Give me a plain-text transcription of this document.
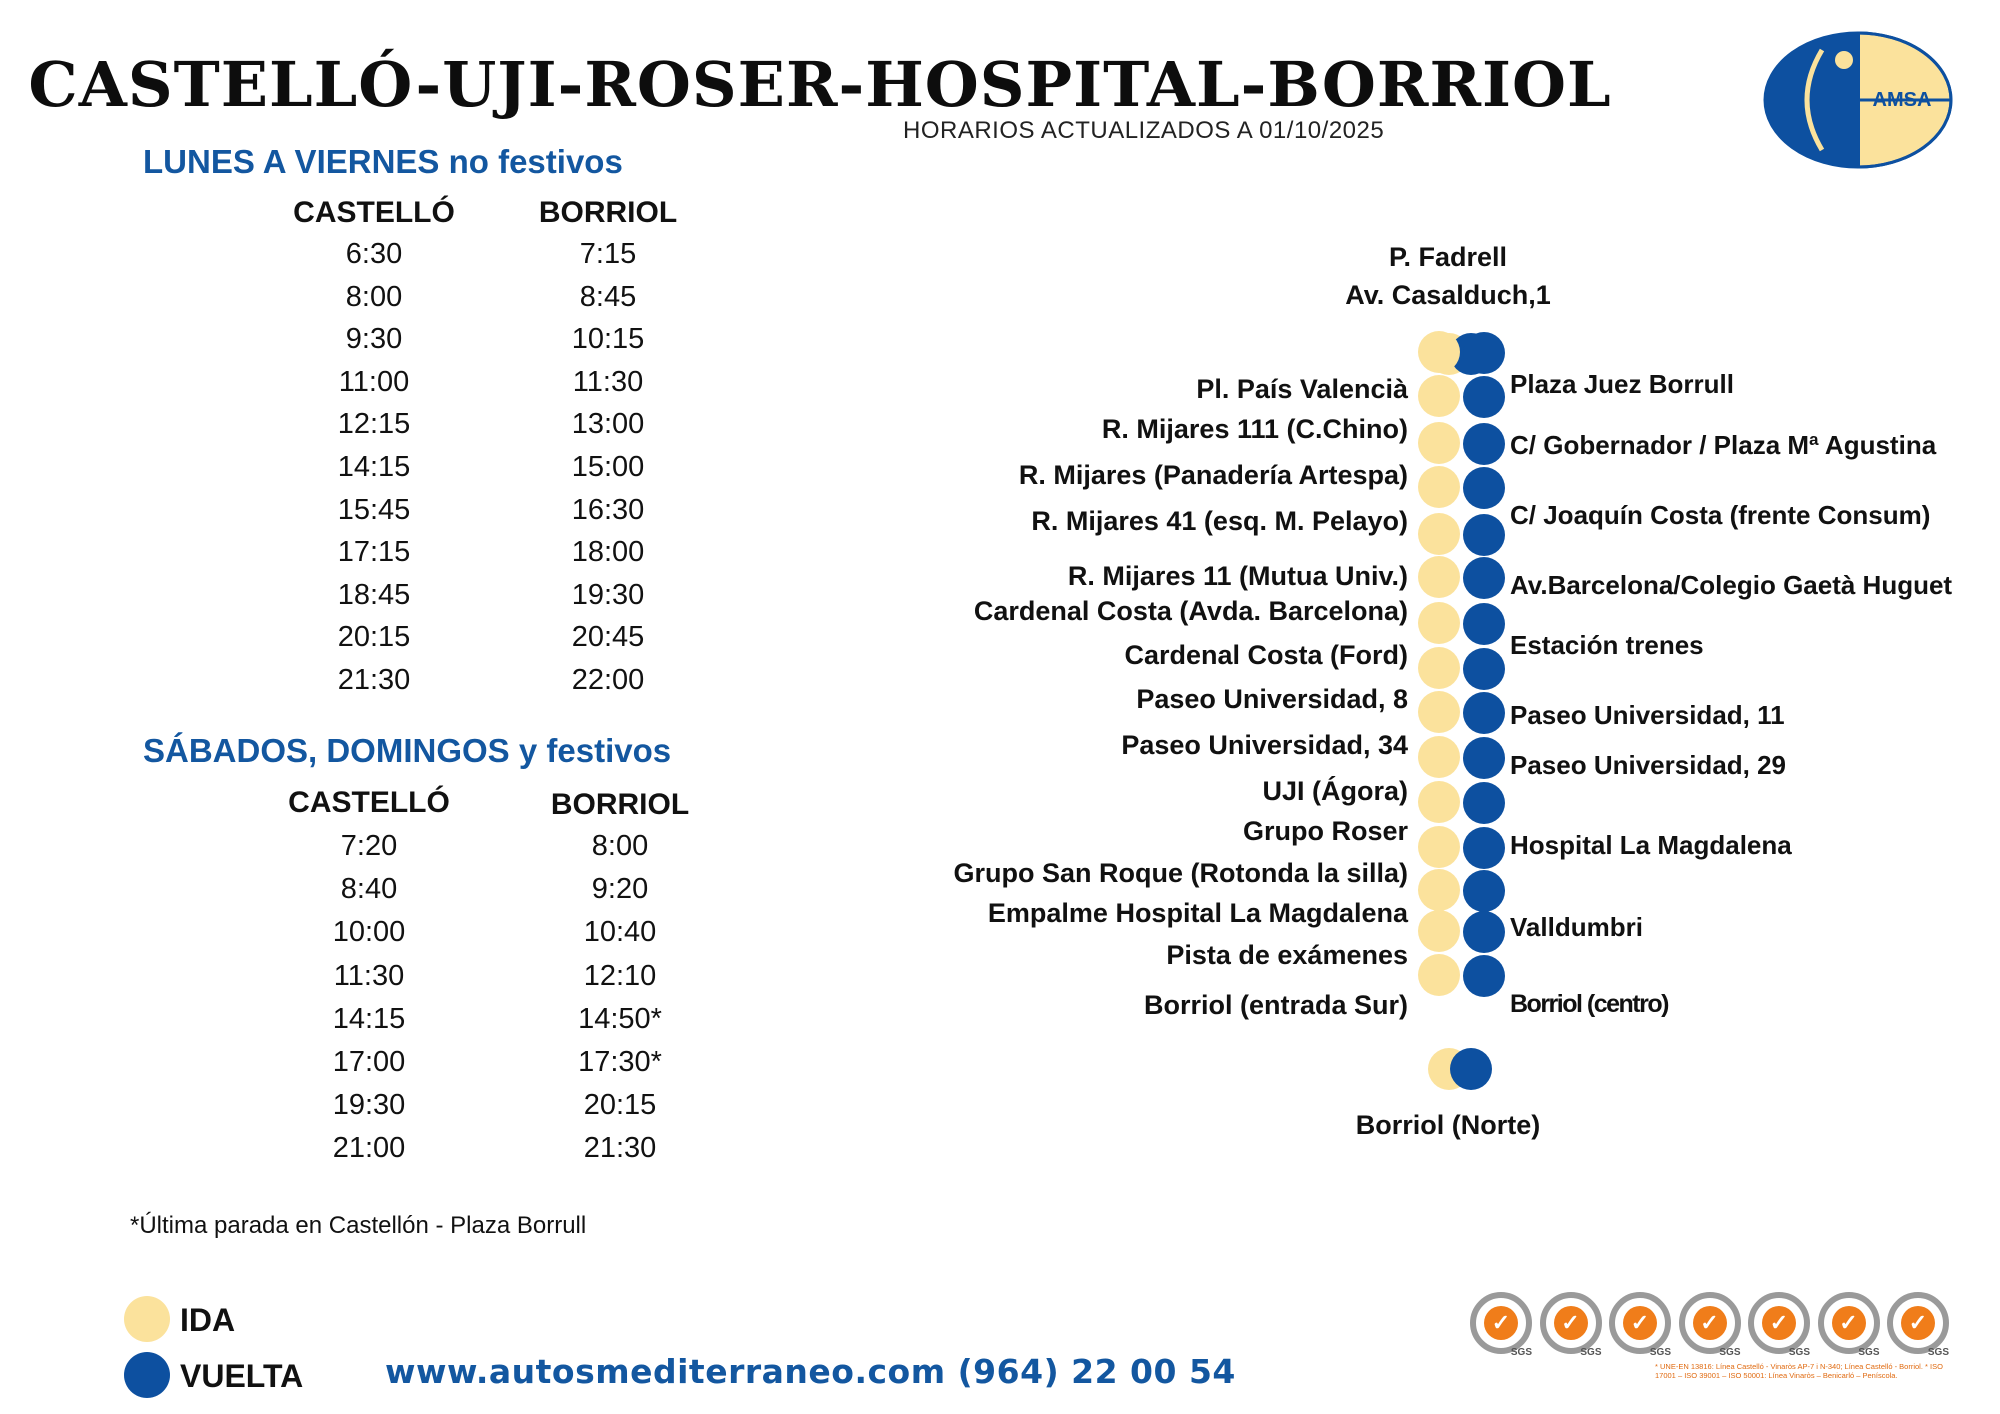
CASTELLÓ-UJI-ROSER-HOSPITAL-BORRIOL
HORARIOS ACTUALIZADOS A 01/10/2025
AMSA
LUNES A VIERNES no festivos
CASTELLÓ	BORRIOL
6:30	7:15
8:00	8:45
9:30	10:15
11:00	11:30
12:15	13:00
14:15	15:00
15:45	16:30
17:15	18:00
18:45	19:30
20:15	20:45
21:30	22:00
SÁBADOS, DOMINGOS y festivos
CASTELLÓ	BORRIOL
7:20	8:00
8:40	9:20
10:00	10:40
11:30	12:10
14:15	14:50*
17:00	17:30*
19:30	20:15
21:00	21:30
*Última parada en Castellón - Plaza Borrull
IDA
VUELTA www.autosmediterraneo.com (964) 22 00 54
P. Fadrell
Av. Casalduch,1
Borriol (Norte)
Pl. País Valencià
R. Mijares 111 (C.Chino)
R. Mijares (Panadería Artespa)
R. Mijares 41 (esq. M. Pelayo)
R. Mijares 11 (Mutua Univ.)
Cardenal Costa (Avda. Barcelona)
Cardenal Costa (Ford)
Paseo Universidad, 8
Paseo Universidad, 34
UJI (Ágora)
Grupo Roser
Grupo San Roque (Rotonda la silla)
Empalme Hospital La Magdalena
Pista de exámenes
Borriol (entrada Sur)
Plaza Juez Borrull
C/ Gobernador / Plaza Mª Agustina
C/ Joaquín Costa (frente Consum)
Av.Barcelona/Colegio Gaetà Huguet
Estación trenes
Paseo Universidad, 11
Paseo Universidad, 29
Hospital La Magdalena
Valldumbri
Borriol (centro)
✓
SGS
✓
SGS
✓
SGS
✓
SGS
✓
SGS
✓
SGS
✓
SGS
* UNE-EN 13816: Línea Castelló - Vinaròs AP-7 i N-340; Línea Castelló - Borriol. * ISO 17001 – ISO 39001 – ISO 50001: Línea Vinaròs – Benicarló – Peníscola.
